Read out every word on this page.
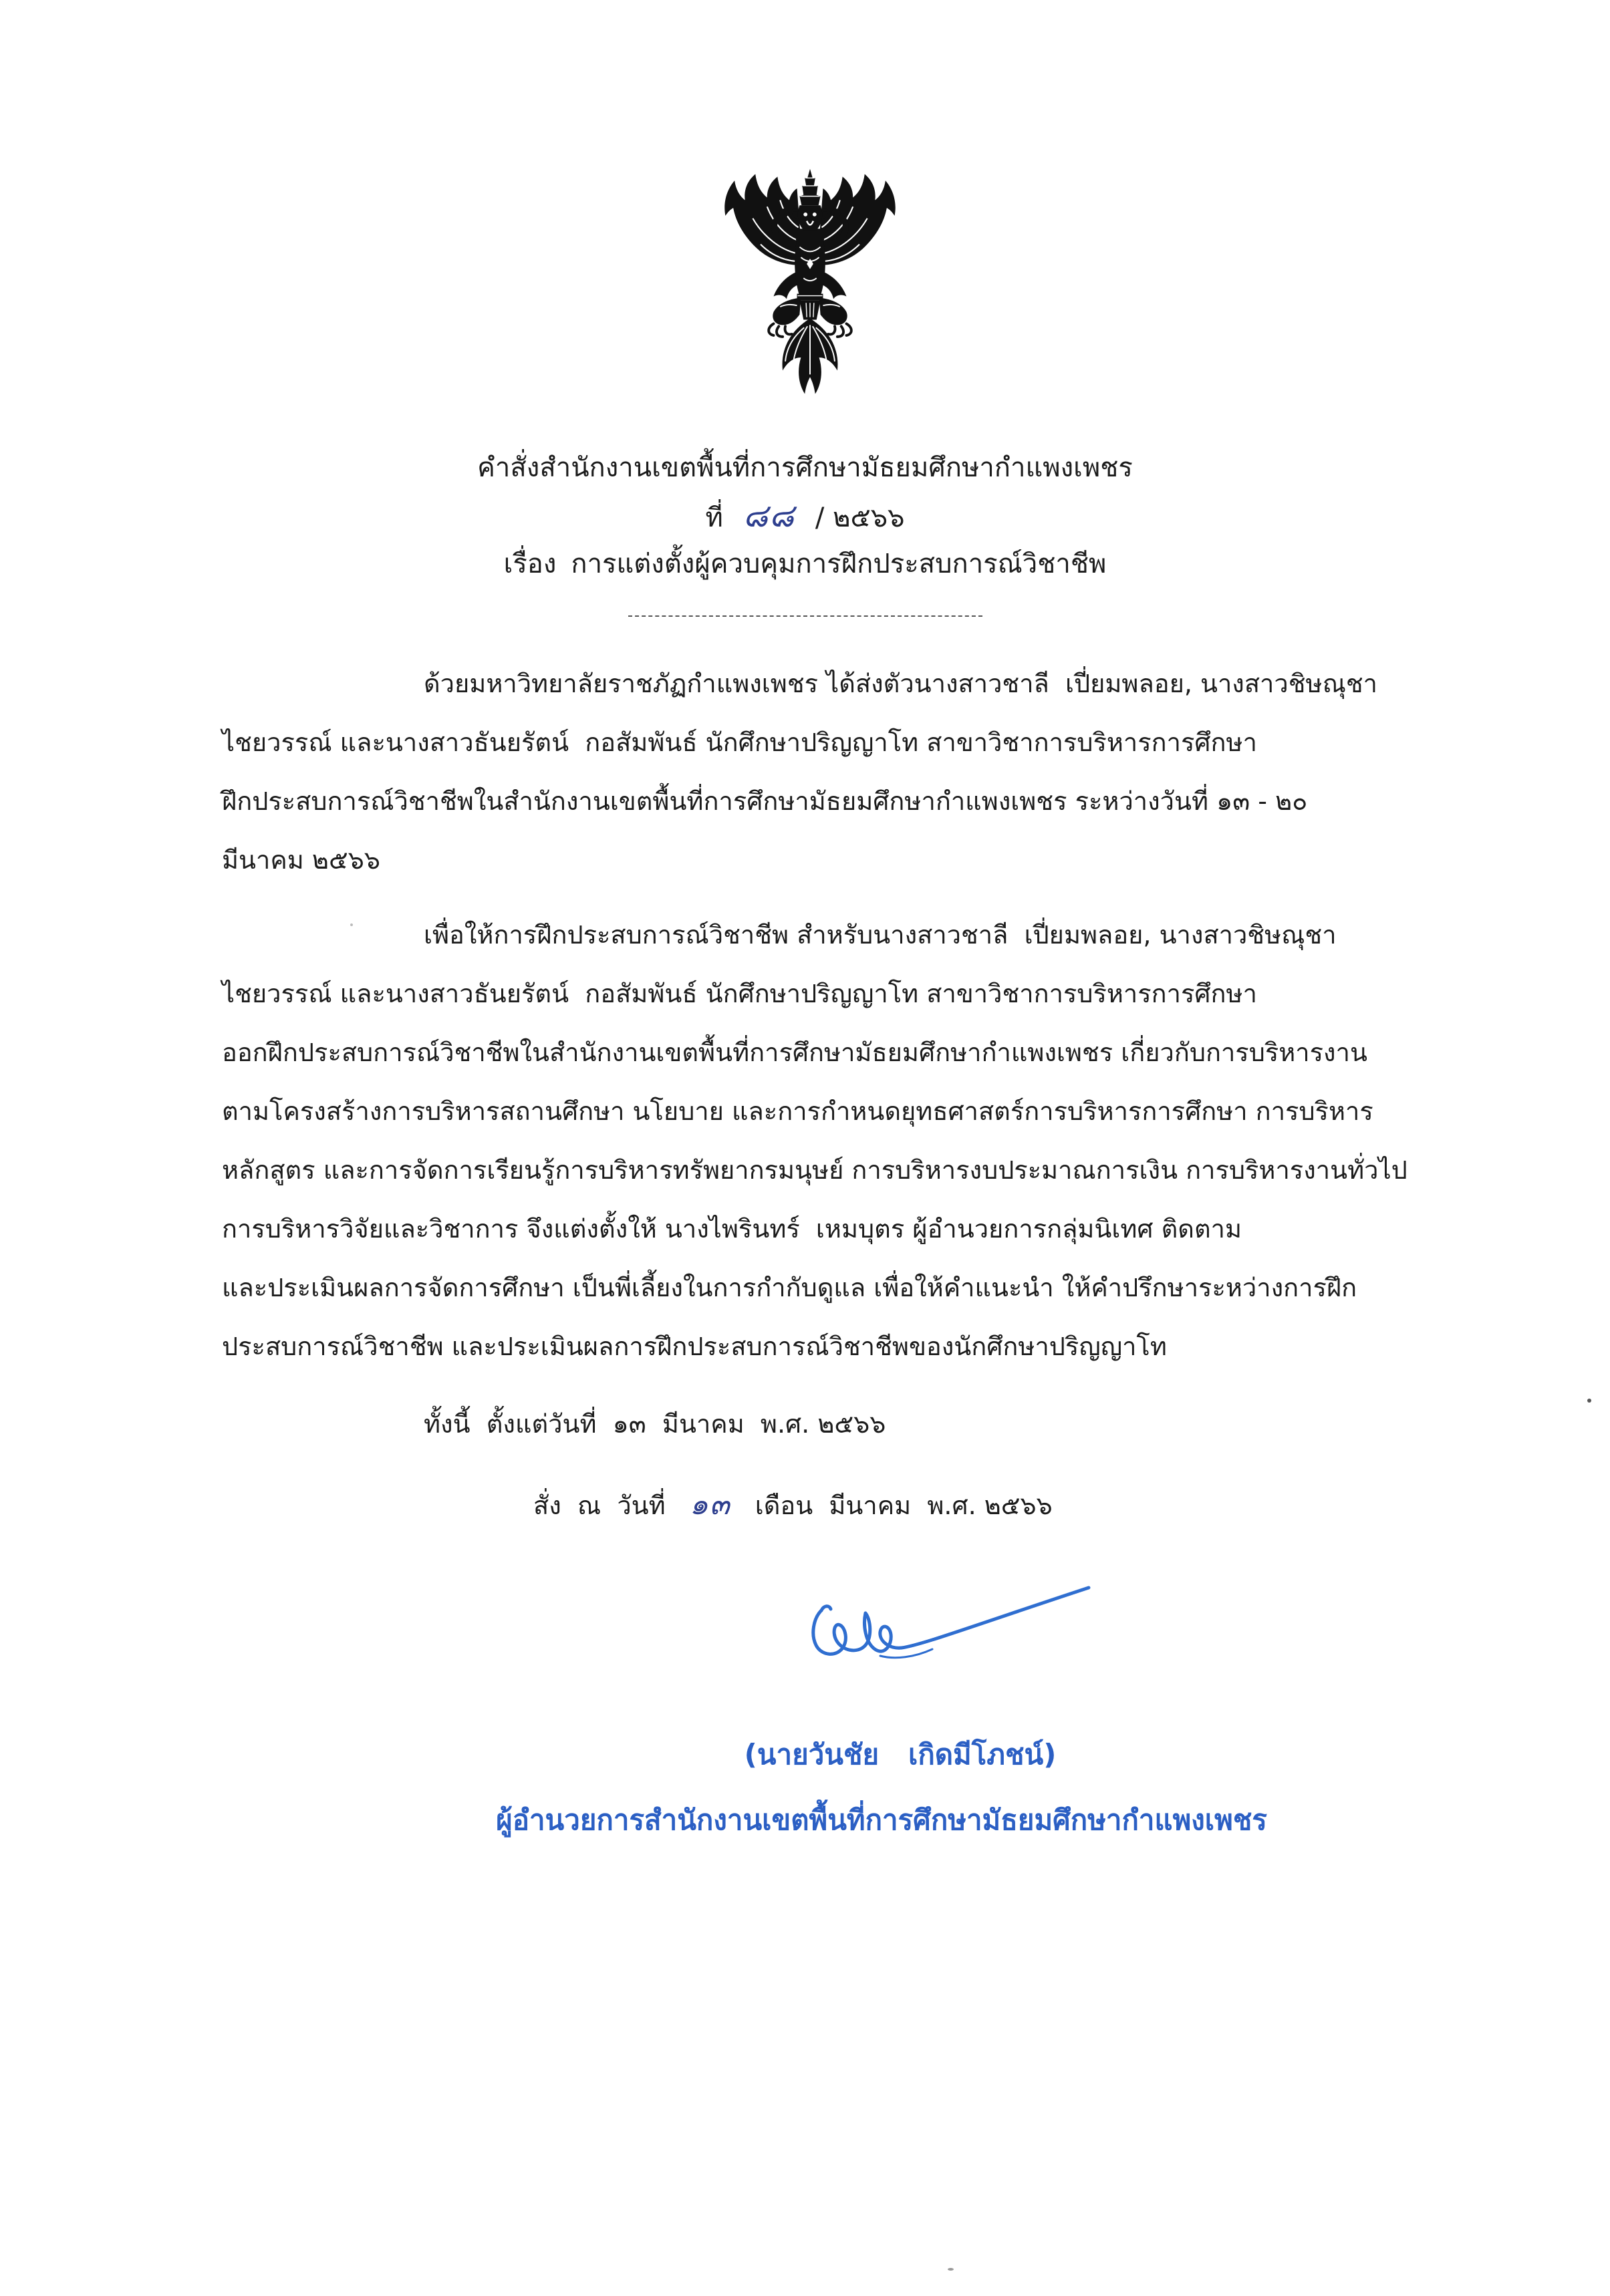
คำสั่งสำนักงานเขตพื้นที่การศึกษามัธยมศึกษากำแพงเพชร
ที่ ๘๘ / ๒๕๖๖
เรื่อง การแต่งตั้งผู้ควบคุมการฝึกประสบการณ์วิชาชีพ
ด้วยมหาวิทยาลัยราชภัฏกำแพงเพชร ได้ส่งตัวนางสาวชาลี  เปี่ยมพลอย, นางสาวชิษณุชา
ไชยวรรณ์ และนางสาวธันยรัตน์  กอสัมพันธ์ นักศึกษาปริญญาโท สาขาวิชาการบริหารการศึกษา
ฝึกประสบการณ์วิชาชีพในสำนักงานเขตพื้นที่การศึกษามัธยมศึกษากำแพงเพชร ระหว่างวันที่ ๑๓ - ๒๐
มีนาคม ๒๕๖๖
เพื่อให้การฝึกประสบการณ์วิชาชีพ สำหรับนางสาวชาลี  เปี่ยมพลอย, นางสาวชิษณุชา
ไชยวรรณ์ และนางสาวธันยรัตน์  กอสัมพันธ์ นักศึกษาปริญญาโท สาขาวิชาการบริหารการศึกษา
ออกฝึกประสบการณ์วิชาชีพในสำนักงานเขตพื้นที่การศึกษามัธยมศึกษากำแพงเพชร เกี่ยวกับการบริหารงาน
ตามโครงสร้างการบริหารสถานศึกษา นโยบาย และการกำหนดยุทธศาสตร์การบริหารการศึกษา การบริหาร
หลักสูตร และการจัดการเรียนรู้การบริหารทรัพยากรมนุษย์ การบริหารงบประมาณการเงิน การบริหารงานทั่วไป
การบริหารวิจัยและวิชาการ จึงแต่งตั้งให้ นางไพรินทร์  เหมบุตร ผู้อำนวยการกลุ่มนิเทศ ติดตาม
และประเมินผลการจัดการศึกษา เป็นพี่เลี้ยงในการกำกับดูแล เพื่อให้คำแนะนำ ให้คำปรึกษาระหว่างการฝึก
ประสบการณ์วิชาชีพ และประเมินผลการฝึกประสบการณ์วิชาชีพของนักศึกษาปริญญาโท
ทั้งนี้  ตั้งแต่วันที่  ๑๓  มีนาคม  พ.ศ. ๒๕๖๖
สั่ง  ณ  วันที่ ๑๓ เดือน  มีนาคม  พ.ศ. ๒๕๖๖
(นายวันชัย   เกิดมีโภชน์)
ผู้อำนวยการสำนักงานเขตพื้นที่การศึกษามัธยมศึกษากำแพงเพชร
